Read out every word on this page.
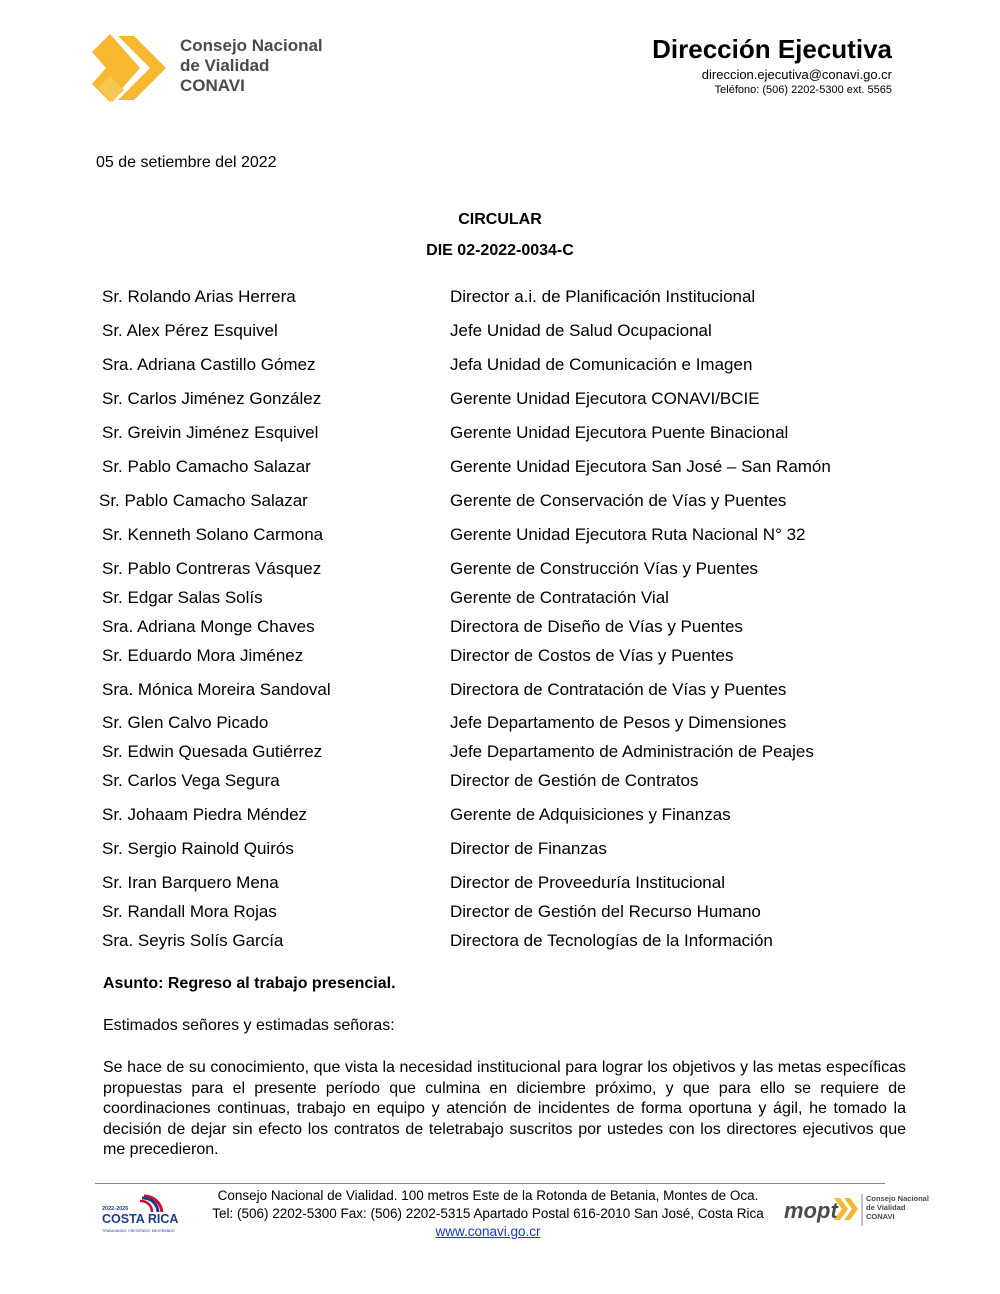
Consejo Nacional
de Vialidad
CONAVI
Dirección Ejecutiva
direccion.ejecutiva@conavi.go.cr
Teléfono: (506) 2202-5300 ext. 5565
05 de setiembre del 2022
CIRCULAR
DIE 02-2022-0034-C
Sr. Rolando Arias Herrera	Director a.i. de Planificación Institucional
Sr. Alex Pérez Esquivel	Jefe Unidad de Salud Ocupacional
Sra. Adriana Castillo Gómez	Jefa Unidad de Comunicación e Imagen
Sr. Carlos Jiménez González	Gerente Unidad Ejecutora CONAVI/BCIE
Sr. Greivin Jiménez Esquivel	Gerente Unidad Ejecutora Puente Binacional
Sr. Pablo Camacho Salazar	Gerente Unidad Ejecutora San José – San Ramón
Sr. Pablo Camacho Salazar	Gerente de Conservación de Vías y Puentes
Sr. Kenneth Solano Carmona	Gerente Unidad Ejecutora Ruta Nacional N° 32
Sr. Pablo Contreras Vásquez	Gerente de Construcción Vías y Puentes
Sr. Edgar Salas Solís	Gerente de Contratación Vial
Sra. Adriana Monge Chaves	Directora de Diseño de Vías y Puentes
Sr. Eduardo Mora Jiménez	Director de Costos de Vías y Puentes
Sra. Mónica Moreira Sandoval	Directora de Contratación de Vías y Puentes
Sr. Glen Calvo Picado	Jefe Departamento de Pesos y Dimensiones
Sr. Edwin Quesada Gutiérrez	Jefe Departamento de Administración de Peajes
Sr. Carlos Vega Segura	Director de Gestión de Contratos
Sr. Johaam Piedra Méndez	Gerente de Adquisiciones y Finanzas
Sr. Sergio Rainold Quirós	Director de Finanzas
Sr. Iran Barquero Mena	Director de Proveeduría Institucional
Sr. Randall Mora Rojas	Director de Gestión del Recurso Humano
Sra. Seyris Solís García	Directora de Tecnologías de la Información
Asunto: Regreso al trabajo presencial.
Estimados señores y estimadas señoras:
Se hace de su conocimiento, que vista la necesidad institucional para lograr los objetivos y las metas específicas propuestas para el presente período que culmina en diciembre próximo, y que para ello se requiere de coordinaciones continuas, trabajo en equipo y atención de incidentes de forma oportuna y ágil, he tomado la decisión de dejar sin efecto los contratos de teletrabajo suscritos por ustedes con los directores ejecutivos que me precedieron.
2022-2026
COSTA RICA
TRABAJANDO, CRECIENDO, MEJORANDO
Consejo Nacional de Vialidad. 100 metros Este de la Rotonda de Betania, Montes de Oca.
Tel: (506) 2202-5300 Fax: (506) 2202-5315 Apartado Postal 616-2010 San José, Costa Rica
www.conavi.go.cr
mopt	Consejo Nacional
de Vialidad
CONAVI
